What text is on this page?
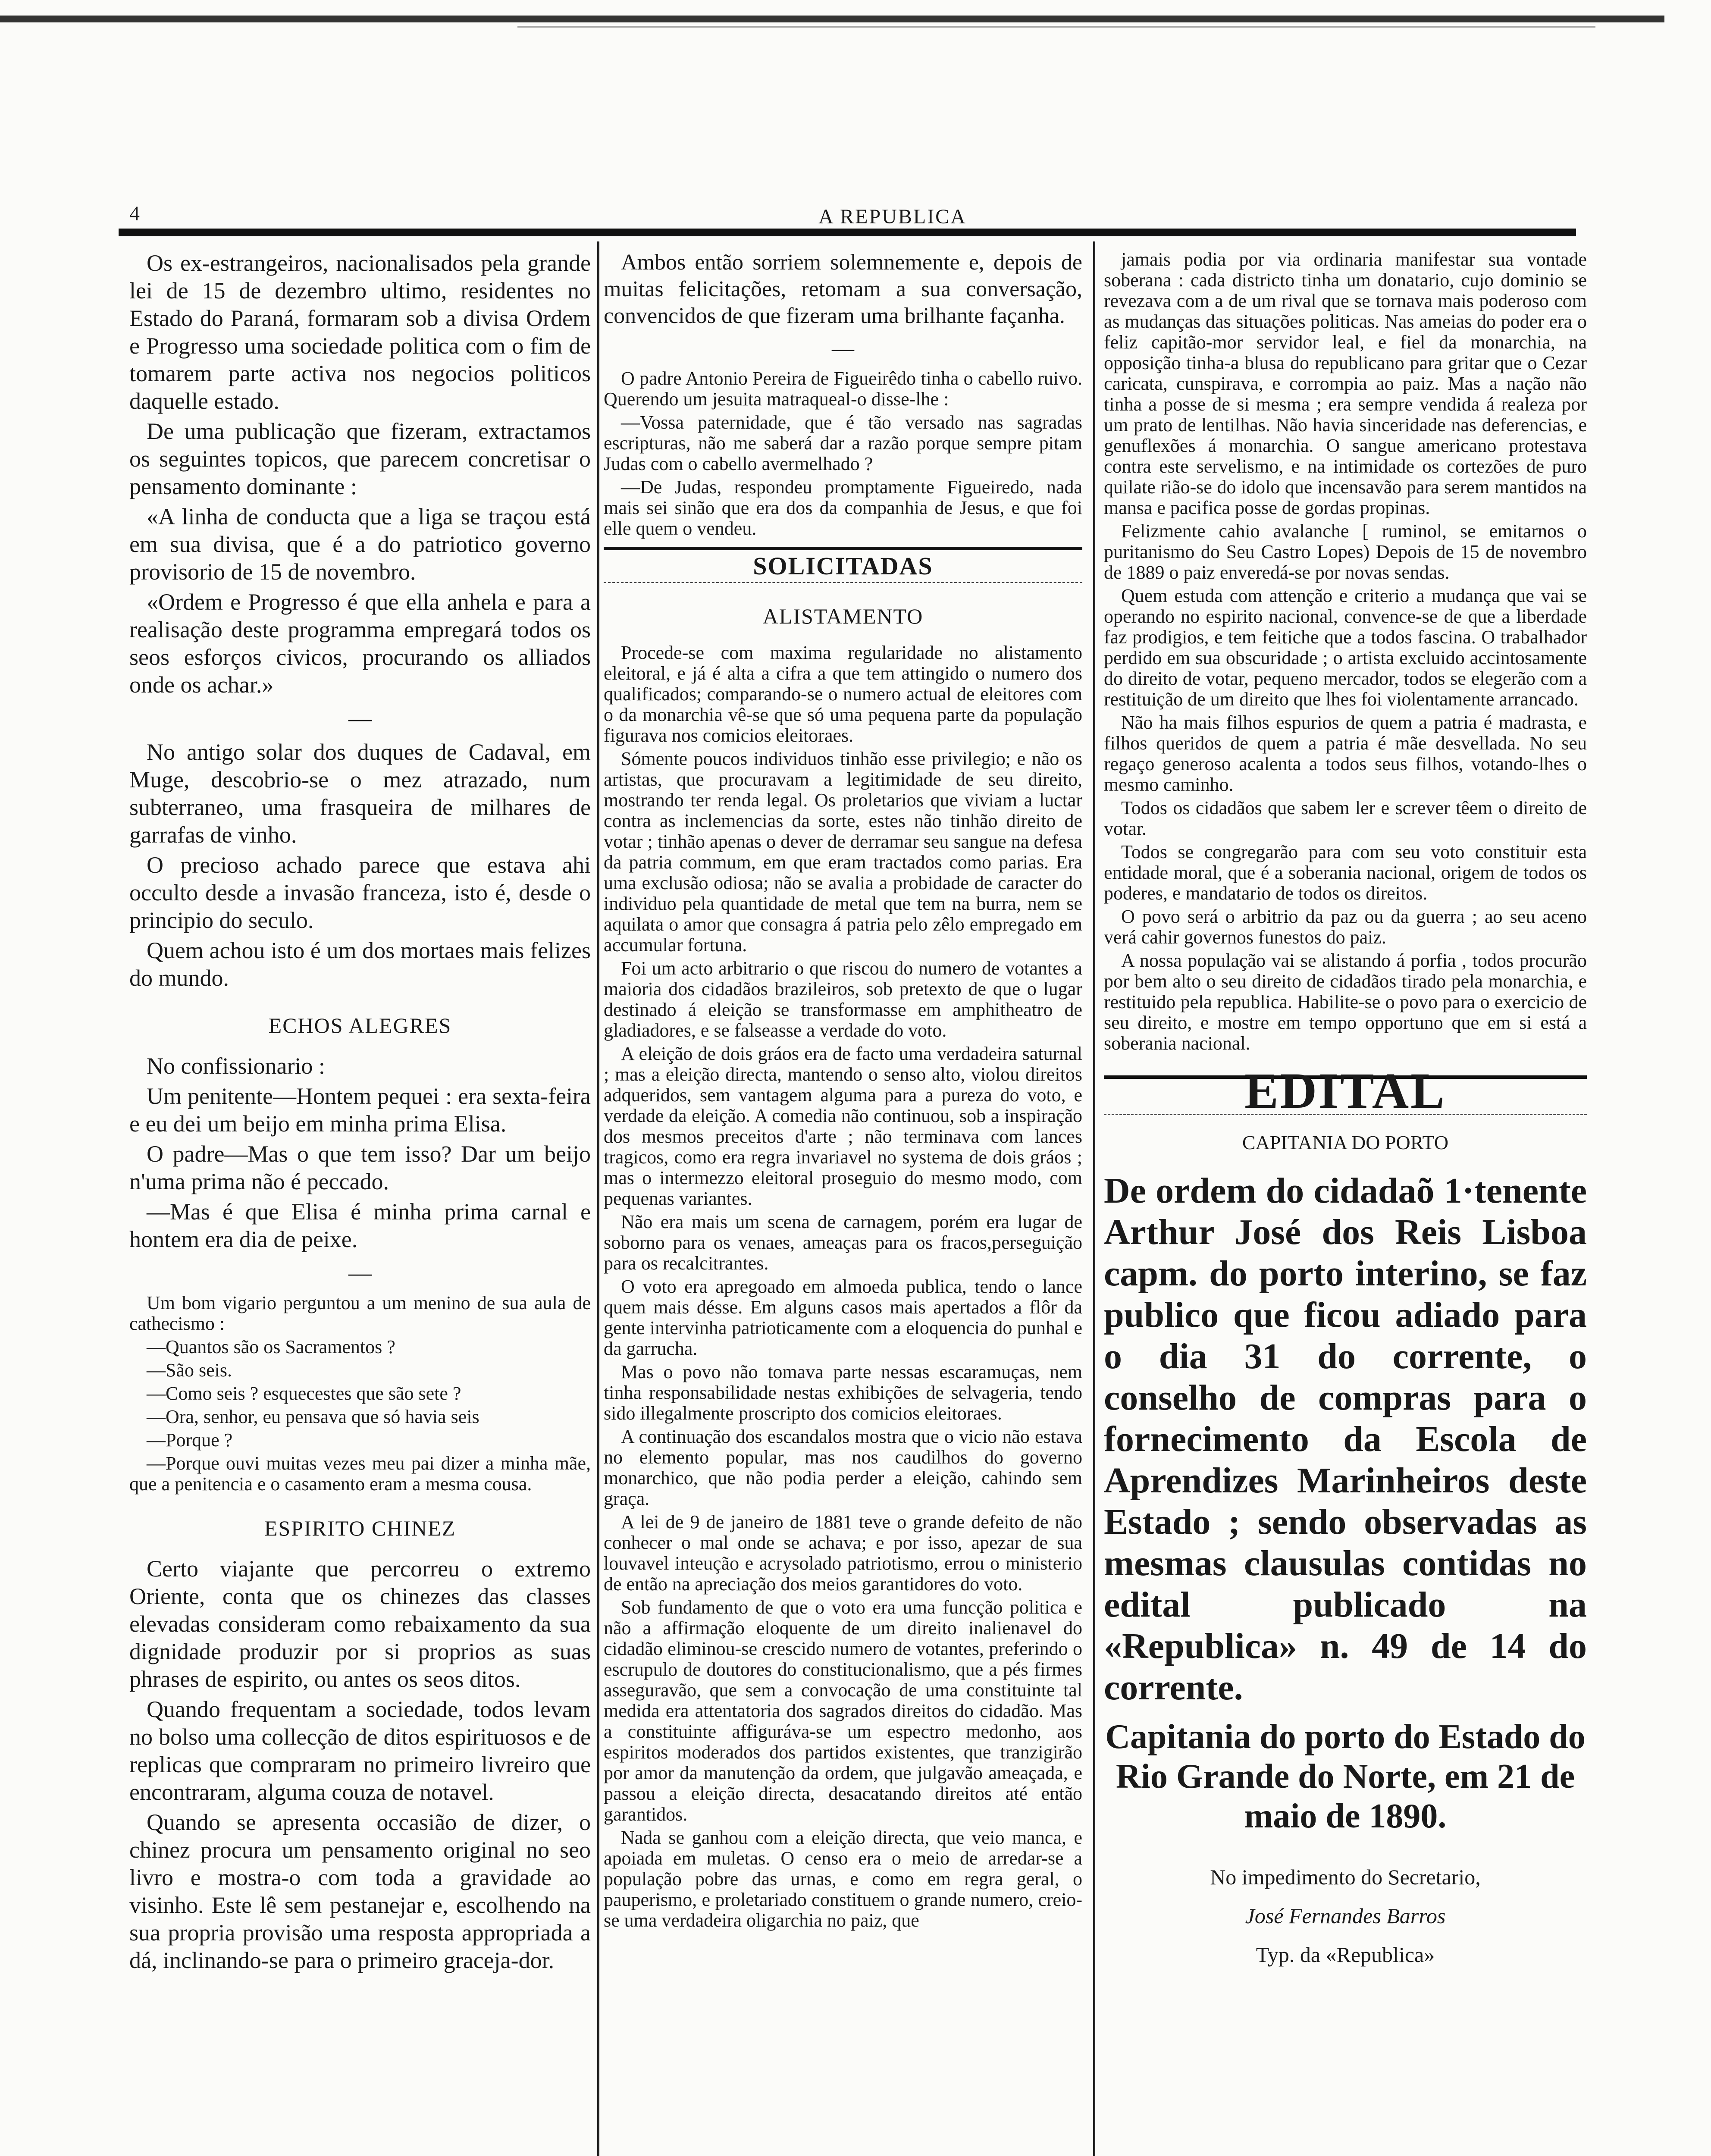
4	A REPUBLICA

Os ex-estrangeiros, nacionalisados pela grande lei de 15 de dezembro ultimo, residentes no Estado do Paraná, formaram sob a divisa Ordem e Progresso uma sociedade politica com o fim de tomarem parte activa nos negocios politicos daquelle estado.

De uma publicação que fizeram, extractamos os seguintes topicos, que parecem concretisar o pensamento dominante :

«A linha de conducta que a liga se traçou está em sua divisa, que é a do patriotico governo provisorio de 15 de novembro.

«Ordem e Progresso é que ella anhela e para a realisação deste programma empregará todos os seos esforços civicos, procurando os alliados onde os achar.»

—

No antigo solar dos duques de Cadaval, em Muge, descobrio-se o mez atrazado, num subterraneo, uma frasqueira de milhares de garrafas de vinho.

O precioso achado parece que estava ahi occulto desde a invasão franceza, isto é, desde o principio do seculo.

Quem achou isto é um dos mortaes mais felizes do mundo.

ECHOS ALEGRES

No confissionario :

Um penitente—Hontem pequei : era sexta-feira e eu dei um beijo em minha prima Elisa.

O padre—Mas o que tem isso? Dar um beijo n'uma prima não é peccado.

—Mas é que Elisa é minha prima carnal e hontem era dia de peixe.

—

Um bom vigario perguntou a um menino de sua aula de cathecismo :

—Quantos são os Sacramentos ?

—São seis.

—Como seis ? esquecestes que são sete ?

—Ora, senhor, eu pensava que só havia seis

—Porque ?

—Porque ouvi muitas vezes meu pai dizer a minha mãe, que a penitencia e o casamento eram a mesma cousa.

ESPIRITO CHINEZ

Certo viajante que percorreu o extremo Oriente, conta que os chinezes das classes elevadas consideram como rebaixamento da sua dignidade produzir por si proprios as suas phrases de espirito, ou antes os seos ditos.

Quando frequentam a sociedade, todos levam no bolso uma collecção de ditos espirituosos e de replicas que compraram no primeiro livreiro que encontraram, alguma couza de notavel.

Quando se apresenta occasião de dizer, o chinez procura um pensamento original no seo livro e mostra-o com toda a gravidade ao visinho. Este lê sem pestanejar e, escolhendo na sua propria provisão uma resposta appropriada a dá, inclinando-se para o primeiro graceja-dor.

Ambos então sorriem solemnemente e, depois de muitas felicitações, retomam a sua conversação, convencidos de que fizeram uma brilhante façanha.

—

O padre Antonio Pereira de Figueirêdo tinha o cabello ruivo. Querendo um jesuita matraqueal-o disse-lhe :

—Vossa paternidade, que é tão versado nas sagradas escripturas, não me saberá dar a razão porque sempre pitam Judas com o cabello avermelhado ?

—De Judas, respondeu promptamente Figueiredo, nada mais sei sinão que era dos da companhia de Jesus, e que foi elle quem o vendeu.

SOLICITADAS
ALISTAMENTO

Procede-se com maxima regularidade no alistamento eleitoral, e já é alta a cifra a que tem attingido o numero dos qualificados; comparando-se o numero actual de eleitores com o da monarchia vê-se que só uma pequena parte da população figurava nos comicios eleitoraes.

Sómente poucos individuos tinhão esse privilegio; e não os artistas, que procuravam a legitimidade de seu direito, mostrando ter renda legal. Os proletarios que viviam a luctar contra as inclemencias da sorte, estes não tinhão direito de votar ; tinhão apenas o dever de derramar seu sangue na defesa da patria commum, em que eram tractados como parias. Era uma exclusão odiosa; não se avalia a probidade de caracter do individuo pela quantidade de metal que tem na burra, nem se aquilata o amor que consagra á patria pelo zêlo empregado em accumular fortuna.

Foi um acto arbitrario o que riscou do numero de votantes a maioria dos cidadãos brazileiros, sob pretexto de que o lugar destinado á eleição se transformasse em amphitheatro de gladiadores, e se falseasse a verdade do voto.

A eleição de dois gráos era de facto uma verdadeira saturnal ; mas a eleição directa, mantendo o senso alto, violou direitos adqueridos, sem vantagem alguma para a pureza do voto, e verdade da eleição. A comedia não continuou, sob a inspiração dos mesmos preceitos d'arte ; não terminava com lances tragicos, como era regra invariavel no systema de dois gráos ; mas o intermezzo eleitoral proseguio do mesmo modo, com pequenas variantes.

Não era mais um scena de carnagem, porém era lugar de soborno para os venaes, ameaças para os fracos,perseguição para os recalcitrantes.

O voto era apregoado em almoeda publica, tendo o lance quem mais désse. Em alguns casos mais apertados a flôr da gente intervinha patrioticamente com a eloquencia do punhal e da garrucha.

Mas o povo não tomava parte nessas escaramuças, nem tinha responsabilidade nestas exhibições de selvageria, tendo sido illegalmente proscripto dos comicios eleitoraes.

A continuação dos escandalos mostra que o vicio não estava no elemento popular, mas nos caudilhos do governo monarchico, que não podia perder a eleição, cahindo sem graça.

A lei de 9 de janeiro de 1881 teve o grande defeito de não conhecer o mal onde se achava; e por isso, apezar de sua louvavel inteução e acrysolado patriotismo, errou o ministerio de então na apreciação dos meios garantidores do voto.

Sob fundamento de que o voto era uma funcção politica e não a affirmação eloquente de um direito inalienavel do cidadão eliminou-se crescido numero de votantes, preferindo o escrupulo de doutores do constitucionalismo, que a pés firmes asseguravão, que sem a convocação de uma constituinte tal medida era attentatoria dos sagrados direitos do cidadão. Mas a constituinte affiguráva-se um espectro medonho, aos espiritos moderados dos partidos existentes, que tranzigirão por amor da manutenção da ordem, que julgavão ameaçada, e passou a eleição directa, desacatando direitos até então garantidos.

Nada se ganhou com a eleição directa, que veio manca, e apoiada em muletas. O censo era o meio de arredar-se a população pobre das urnas, e como em regra geral, o pauperismo, e proletariado constituem o grande numero, creio-se uma verdadeira oligarchia no paiz, que

jamais podia por via ordinaria manifestar sua vontade soberana : cada districto tinha um donatario, cujo dominio se revezava com a de um rival que se tornava mais poderoso com as mudanças das situações politicas. Nas ameias do poder era o feliz capitão-mor servidor leal, e fiel da monarchia, na opposição tinha-a blusa do republicano para gritar que o Cezar caricata, cunspirava, e corrompia ao paiz. Mas a nação não tinha a posse de si mesma ; era sempre vendida á realeza por um prato de lentilhas. Não havia sinceridade nas deferencias, e genuflexões á monarchia. O sangue americano protestava contra este servelismo, e na intimidade os cortezões de puro quilate rião-se do idolo que incensavão para serem mantidos na mansa e pacifica posse de gordas propinas.

Felizmente cahio avalanche [ ruminol, se emitarnos o puritanismo do Seu Castro Lopes) Depois de 15 de novembro de 1889 o paiz enveredá-se por novas sendas.

Quem estuda com attenção e criterio a mudança que vai se operando no espirito nacional, convence-se de que a liberdade faz prodigios, e tem feitiche que a todos fascina. O trabalhador perdido em sua obscuridade ; o artista excluido accintosamente do direito de votar, pequeno mercador, todos se elegerão com a restituição de um direito que lhes foi violentamente arrancado.

Não ha mais filhos espurios de quem a patria é madrasta, e filhos queridos de quem a patria é mãe desvellada. No seu regaço generoso acalenta a todos seus filhos, votando-lhes o mesmo caminho.

Todos os cidadãos que sabem ler e screver têem o direito de votar.

Todos se congregarão para com seu voto constituir esta entidade moral, que é a soberania nacional, origem de todos os poderes, e mandatario de todos os direitos.

O povo será o arbitrio da paz ou da guerra ; ao seu aceno verá cahir governos funestos do paiz.

A nossa população vai se alistando á porfia , todos procurão por bem alto o seu direito de cidadãos tirado pela monarchia, e restituido pela republica. Habilite-se o povo para o exercicio de seu direito, e mostre em tempo opportuno que em si está a soberania nacional.

EDITAL
CAPITANIA DO PORTO
De ordem do cidadaõ 1·tenente Arthur José dos Reis Lisboa capm. do porto interino, se faz publico que ficou adiado para o dia 31 do corrente, o conselho de compras para o fornecimento da Escola de Aprendizes Marinheiros deste Estado ; sendo observadas as mesmas clausulas contidas no edital publicado na «Republica» n. 49 de 14 do corrente.
Capitania do porto do Estado do Rio Grande do Norte, em 21 de maio de 1890.
No impedimento do Secretario,
José Fernandes Barros
Typ. da «Republica»
